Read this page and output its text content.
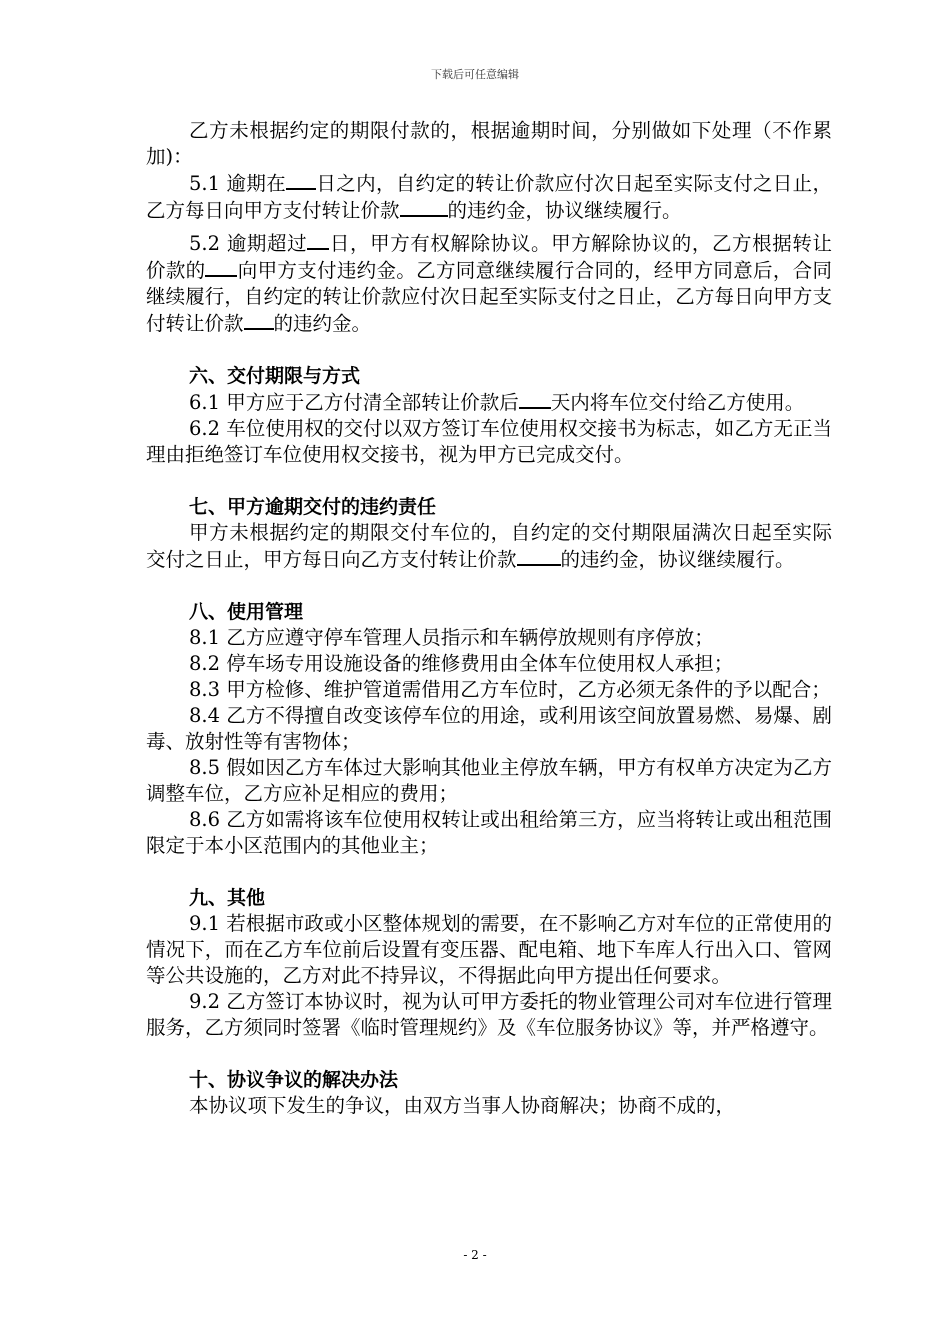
下载后可任意编辑

乙方未根据约定的期限付款的，根据逾期时间，分别做如下处理（不作累加)：

5.1 逾期在 日之内，自约定的转让价款应付次日起至实际支付之日止，乙方每日向甲方支付转让价款 的违约金，协议继续履行。

5.2 逾期超过 日，甲方有权解除协议。甲方解除协议的，乙方根据转让价款的 向甲方支付违约金。乙方同意继续履行合同的，经甲方同意后，合同继续履行，自约定的转让价款应付次日起至实际支付之日止，乙方每日向甲方支付转让价款 的违约金。

六、交付期限与方式

6.1 甲方应于乙方付清全部转让价款后 天内将车位交付给乙方使用。

6.2 车位使用权的交付以双方签订车位使用权交接书为标志，如乙方无正当理由拒绝签订车位使用权交接书，视为甲方已完成交付。

七、甲方逾期交付的违约责任

甲方未根据约定的期限交付车位的，自约定的交付期限届满次日起至实际交付之日止，甲方每日向乙方支付转让价款 的违约金，协议继续履行。

八、使用管理

8.1 乙方应遵守停车管理人员指示和车辆停放规则有序停放；

8.2 停车场专用设施设备的维修费用由全体车位使用权人承担；

8.3 甲方检修、维护管道需借用乙方车位时，乙方必须无条件的予以配合；

8.4 乙方不得擅自改变该停车位的用途，或利用该空间放置易燃、易爆、剧毒、放射性等有害物体；

8.5 假如因乙方车体过大影响其他业主停放车辆，甲方有权单方决定为乙方调整车位，乙方应补足相应的费用；

8.6 乙方如需将该车位使用权转让或出租给第三方，应当将转让或出租范围限定于本小区范围内的其他业主；

九、其他

9.1 若根据市政或小区整体规划的需要，在不影响乙方对车位的正常使用的情况下，而在乙方车位前后设置有变压器、配电箱、地下车库人行出入口、管网等公共设施的，乙方对此不持异议，不得据此向甲方提出任何要求。

9.2 乙方签订本协议时，视为认可甲方委托的物业管理公司对车位进行管理服务，乙方须同时签署《临时管理规约》及《车位服务协议》等，并严格遵守。

十、协议争议的解决办法

本协议项下发生的争议，由双方当事人协商解决；协商不成的，

- 2 -
